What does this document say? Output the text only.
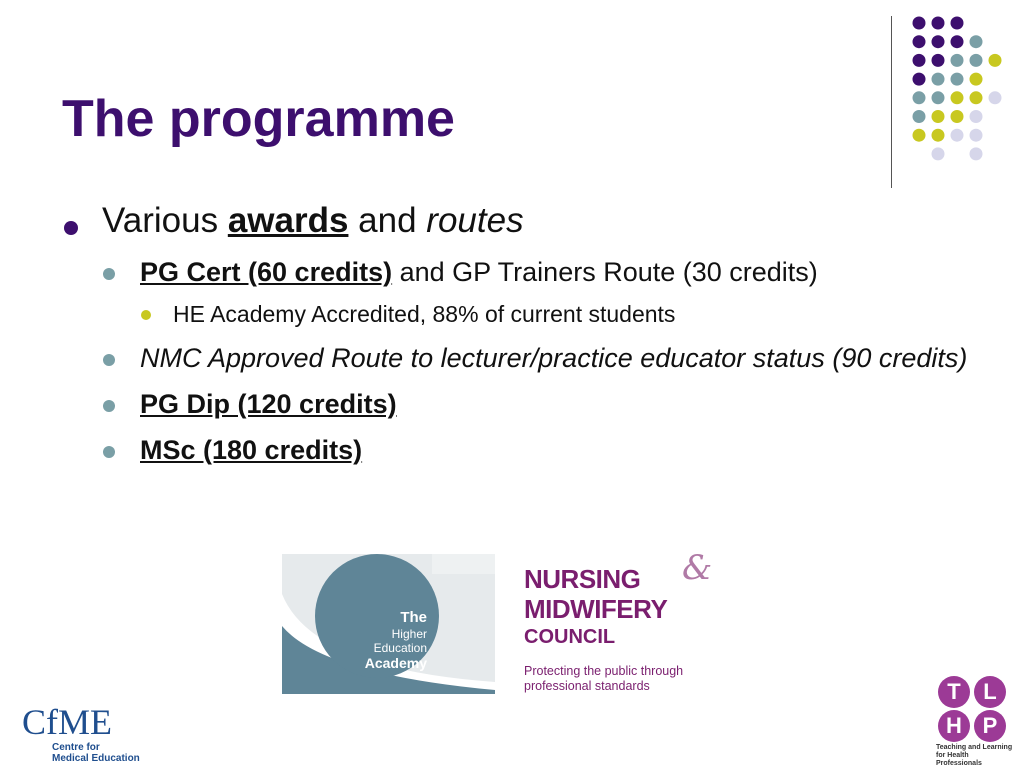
The programme
Various awards and routes
PG Cert (60 credits) and GP Trainers Route (30 credits)
HE Academy Accredited, 88% of current students
NMC Approved Route to lecturer/practice educator status (90 credits)
PG Dip (120 credits)
MSc (180 credits)
The
Higher
Education
Academy
NURSING	&
MIDWIFERY
COUNCIL
Protecting the public through
professional standards
CfME
Centre for
Medical Education
T	L
H P
Teaching and Learning
for Health Professionals
